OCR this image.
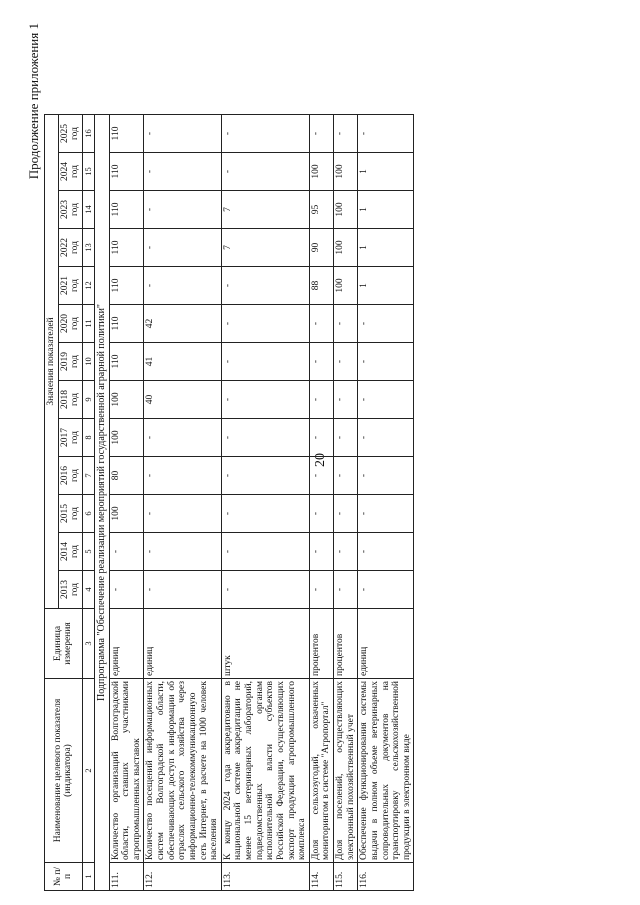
20
Продолжение приложения 1
№ п/п	Наименование целевого показателя (индикатора)	Единица измерения	Значения показателей												

			2013 год	2014 год	2015 год	2016 год	2017 год	2018 год	2019 год	2020 год	2021 год	2022 год	2023 год	2024 год	2025 год

1	2	3	4	5	6	7	8	9	10	11	12	13	14	15	16
Подпрограмма "Обеспечение реализации мероприятий государственной аграрной политики"															
111.	Количество организаций Волгоградской области, ставших участниками агропромышленных выставок	единиц	-	-	100	80	100	100	110	110	110	110	110	110	110
112.	Количество посещений информационных систем Волгоградской области, обеспечивающих доступ к информации об отраслях сельского хозяйства через информационно-телекоммуникационную сеть Интернет, в расчете на 1000 человек населения	единиц	-	-	-	-	-	40	41	42	-	-	-	-	-
113.	К концу 2024 года аккредитовано в национальной системе аккредитации не менее 15 ветеринарных лабораторий, подведомственных органам исполнительной власти субъектов Российской Федерации, осуществляющих экспорт продукции агропромышленного комплекса	штук	-	-	-	-	-	-	-	-	-	7	7	-	-
114.	Доля сельхозугодий, охваченных мониторингом в системе "Агропортал"	процентов	-	-	-	-	-	-	-	-	88	90	95	100	-
115.	Доля поселений, осуществляющих электронный похозяйственный учет	процентов	-	-	-	-	-	-	-	-	100	100	100	100	-
116.	Обеспечение функционирования системы выдачи в полном объеме ветеринарных сопроводительных документов на транспортировку сельскохозяйственной продукции в электронном виде	единиц	-	-	-	-	-	-	-	-	1	1	1	1	-
